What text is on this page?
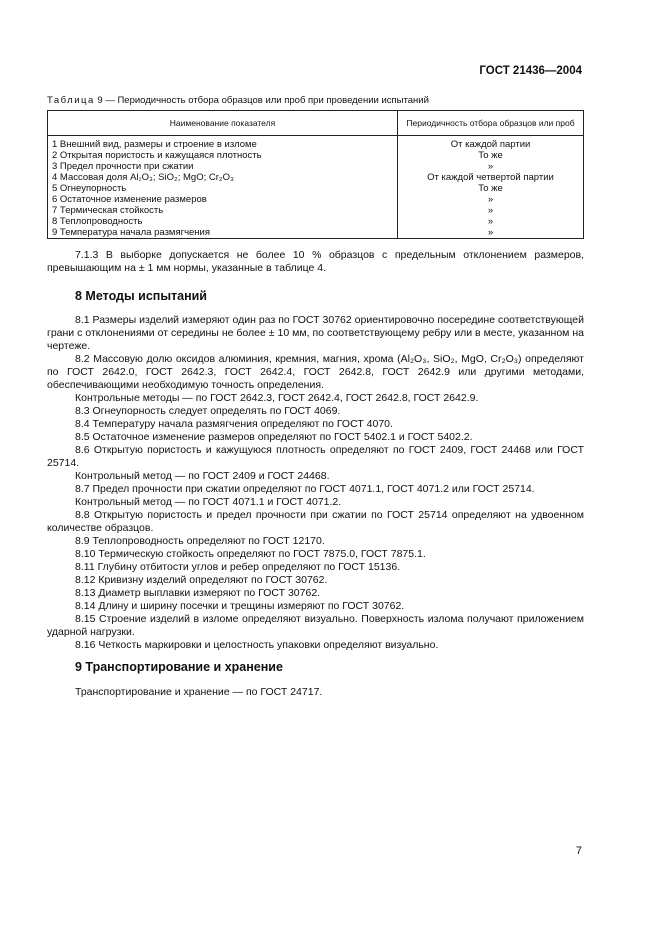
ГОСТ 21436—2004
Таблица 9 — Периодичность отбора образцов или проб при проведении испытаний
Наименование показателя	Периодичность отбора образцов или проб
1 Внешний вид, размеры и строение в изломе	От каждой партии
2 Открытая пористость и кажущаяся плотность	То же
3 Предел прочности при сжатии	»
4 Массовая доля Al₂O₃; SiO₂; MgO; Cr₂O₃	От каждой четвертой партии
5 Огнеупорность	То же
6 Остаточное изменение размеров	»
7 Термическая стойкость	»
8 Теплопроводность	»
9 Температура начала размягчения	»

7.1.3 В выборке допускается не более 10 % образцов с предельным отклонением размеров, превышающим на ± 1 мм нормы, указанные в таблице 4.

8 Методы испытаний

8.1 Размеры изделий измеряют один раз по ГОСТ 30762 ориентировочно посередине соответствующей грани с отклонениями от середины не более ± 10 мм, по соответствующему ребру или в месте, указанном на чертеже.

8.2 Массовую долю оксидов алюминия, кремния, магния, хрома (Al₂O₃, SiO₂, MgO, Cr₂O₃) определяют по ГОСТ 2642.0, ГОСТ 2642.3, ГОСТ 2642.4, ГОСТ 2642.8, ГОСТ 2642.9 или другими методами, обеспечивающими необходимую точность определения.

Контрольные методы — по ГОСТ 2642.3, ГОСТ 2642.4, ГОСТ 2642.8, ГОСТ 2642.9.

8.3 Огнеупорность следует определять по ГОСТ 4069.

8.4 Температуру начала размягчения определяют по ГОСТ 4070.

8.5 Остаточное изменение размеров определяют по ГОСТ 5402.1 и ГОСТ 5402.2.

8.6 Открытую пористость и кажущуюся плотность определяют по ГОСТ 2409, ГОСТ 24468 или ГОСТ 25714.

Контрольный метод — по ГОСТ 2409 и ГОСТ 24468.

8.7 Предел прочности при сжатии определяют по ГОСТ 4071.1, ГОСТ 4071.2 или ГОСТ 25714.

Контрольный метод — по ГОСТ 4071.1 и ГОСТ 4071.2.

8.8 Открытую пористость и предел прочности при сжатии по ГОСТ 25714 определяют на удвоенном количестве образцов.

8.9 Теплопроводность определяют по ГОСТ 12170.

8.10 Термическую стойкость определяют по ГОСТ 7875.0, ГОСТ 7875.1.

8.11 Глубину отбитости углов и ребер определяют по ГОСТ 15136.

8.12 Кривизну изделий определяют по ГОСТ 30762.

8.13 Диаметр выплавки измеряют по ГОСТ 30762.

8.14 Длину и ширину посечки и трещины измеряют по ГОСТ 30762.

8.15 Строение изделий в изломе определяют визуально. Поверхность излома получают приложением ударной нагрузки.

8.16 Четкость маркировки и целостность упаковки определяют визуально.

9 Транспортирование и хранение

Транспортирование и хранение — по ГОСТ 24717.

7
